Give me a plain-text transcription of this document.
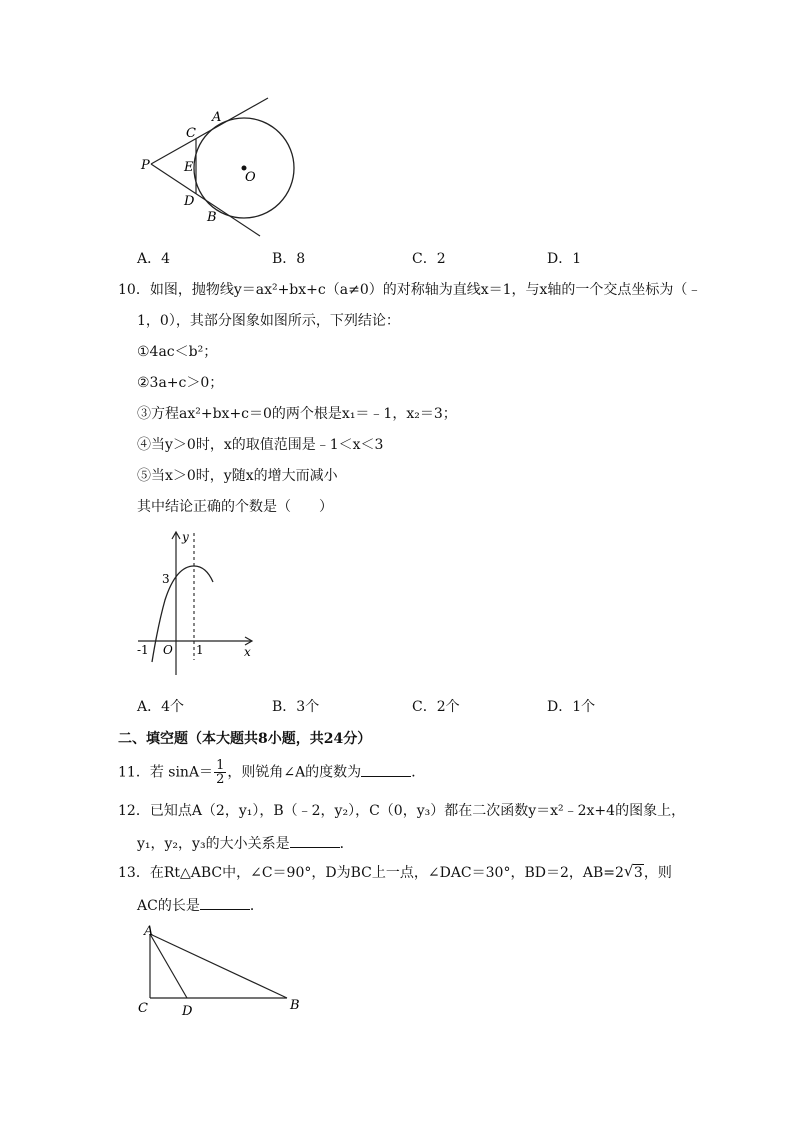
A
C
P	E
O
D
B
A．4	B．8	C．2	D．1
10．如图，抛物线y＝ax²+bx+c（a≠0）的对称轴为直线x＝1，与x轴的一个交点坐标为（﹣
1，0），其部分图象如图所示，下列结论：
①4ac＜b²；
②3a+c＞0；
③方程ax²+bx+c＝0的两个根是x₁＝﹣1，x₂＝3；
④当y＞0时，x的取值范围是﹣1＜x＜3
⑤当x＞0时，y随x的增大而减小
其中结论正确的个数是（　　）
y
3
-1 O 1	x
A．4个	B．3个	C．2个	D．1个
二、填空题（本大题共8小题，共24分）
11．若 $\sin A= \frac{1}{2}$ ，则锐角∠A的度数为	．
12．已知点A（2，y₁），B（﹣2，y₂），C（0，y₃）都在二次函数y＝x²﹣2x+4的图象上，
y₁，y₂，y₃的大小关系是	．
13．在Rt△ABC中，∠C＝90°，D为BC上一点，∠DAC＝30°，BD＝2，AB=2 √ 3，则
AC的长是	．
A
C	D	B
